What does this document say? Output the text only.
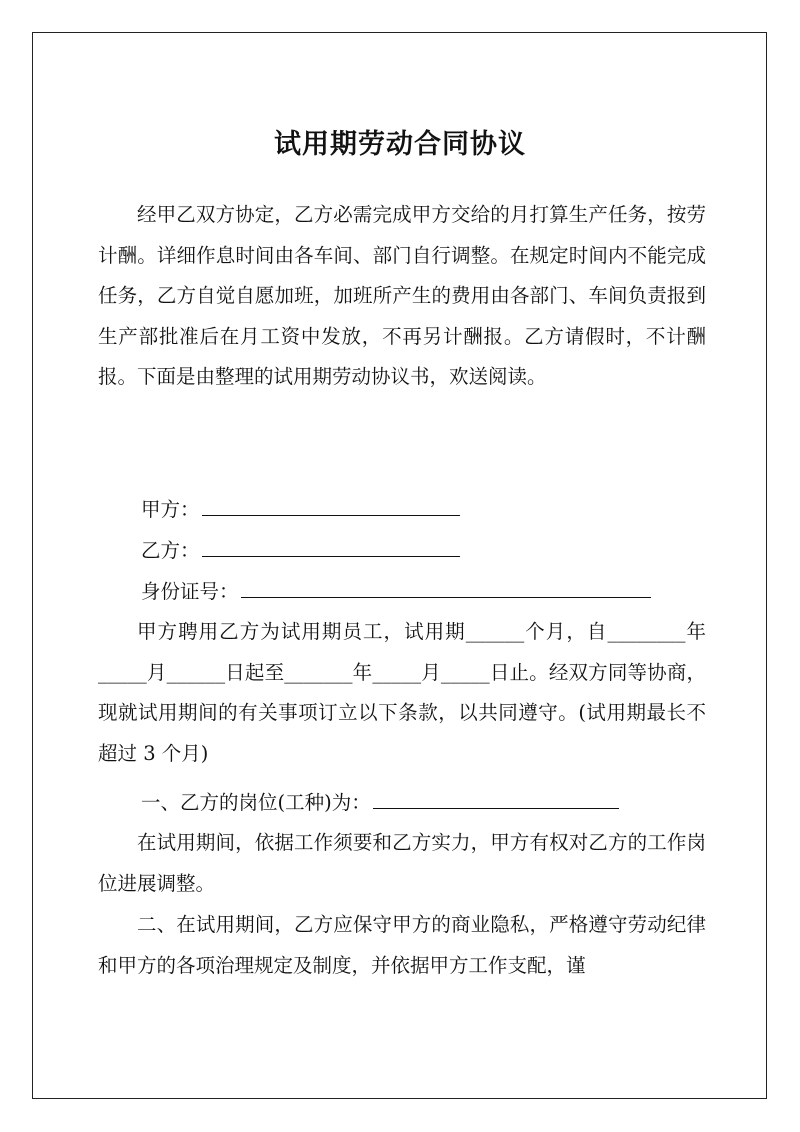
试用期劳动合同协议

经甲乙双方协定，乙方必需完成甲方交给的月打算生产任务，按劳计酬。详细作息时间由各车间、部门自行调整。在规定时间内不能完成任务，乙方自觉自愿加班，加班所产生的费用由各部门、车间负责报到生产部批准后在月工资中发放，不再另计酬报。乙方请假时，不计酬报。下面是由整理的试用期劳动协议书，欢送阅读。

甲方：

乙方：

身份证号：

甲方聘用乙方为试用期员工，试用期______个月，自________年_____月______日起至_______年_____月_____日止。经双方同等协商，现就试用期间的有关事项订立以下条款，以共同遵守。(试用期最长不超过 3 个月)

一、乙方的岗位(工种)为：

在试用期间，依据工作须要和乙方实力，甲方有权对乙方的工作岗位进展调整。

二、在试用期间，乙方应保守甲方的商业隐私，严格遵守劳动纪律和甲方的各项治理规定及制度，并依据甲方工作支配，谨
